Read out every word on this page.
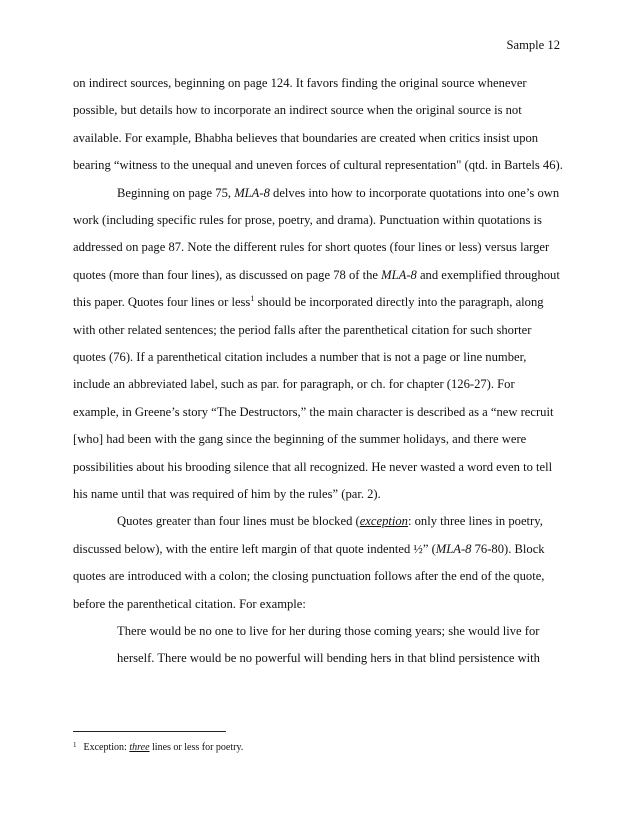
Sample 12
on indirect sources, beginning on page 124. It favors finding the original source whenever
possible, but details how to incorporate an indirect source when the original source is not
available. For example, Bhabha believes that boundaries are created when critics insist upon
bearing “witness to the unequal and uneven forces of cultural representation" (qtd. in Bartels 46).
Beginning on page 75, MLA-8 delves into how to incorporate quotations into one’s own
work (including specific rules for prose, poetry, and drama). Punctuation within quotations is
addressed on page 87. Note the different rules for short quotes (four lines or less) versus larger
quotes (more than four lines), as discussed on page 78 of the MLA-8 and exemplified throughout
this paper. Quotes four lines or less$^1$ should be incorporated directly into the paragraph, along
with other related sentences; the period falls after the parenthetical citation for such shorter
quotes (76). If a parenthetical citation includes a number that is not a page or line number,
include an abbreviated label, such as par. for paragraph, or ch. for chapter (126-27). For
example, in Greene’s story “The Destructors,” the main character is described as a “new recruit
[who] had been with the gang since the beginning of the summer holidays, and there were
possibilities about his brooding silence that all recognized. He never wasted a word even to tell
his name until that was required of him by the rules” (par. 2).
Quotes greater than four lines must be blocked (exception: only three lines in poetry,
discussed below), with the entire left margin of that quote indented ½” (MLA-8 76-80). Block
quotes are introduced with a colon; the closing punctuation follows after the end of the quote,
before the parenthetical citation. For example:
There would be no one to live for her during those coming years; she would live for
herself. There would be no powerful will bending hers in that blind persistence with
$^1$ Exception: three lines or less for poetry.
